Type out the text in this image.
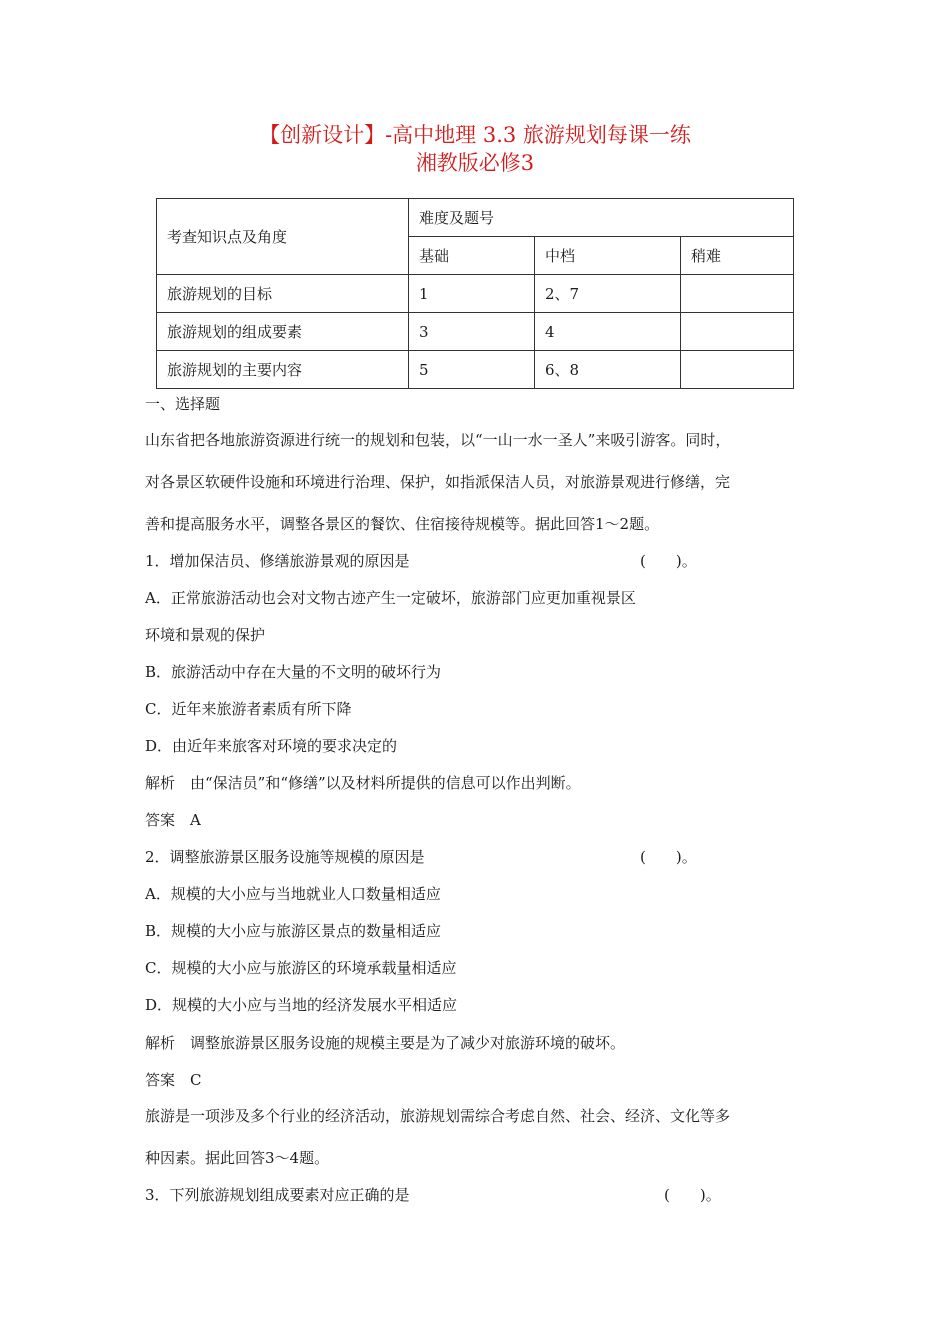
【创新设计】-高中地理 3.3 旅游规划每课一练
湘教版必修3
考查知识点及角度	难度及题号		
	基础	中档	稍难
旅游规划的目标	1	2、7	
旅游规划的组成要素	3	4	
旅游规划的主要内容	5	6、8	
一、选择题
山东省把各地旅游资源进行统一的规划和包装，以“一山一水一圣人”来吸引游客。同时，
对各景区软硬件设施和环境进行治理、保护，如指派保洁人员，对旅游景观进行修缮，完
善和提高服务水平，调整各景区的餐饮、住宿接待规模等。据此回答1～2题。
1．增加保洁员、修缮旅游景观的原因是	(　　)。
A．正常旅游活动也会对文物古迹产生一定破坏，旅游部门应更加重视景区
环境和景观的保护
B．旅游活动中存在大量的不文明的破坏行为
C．近年来旅游者素质有所下降
D．由近年来旅客对环境的要求决定的
解析　由“保洁员”和“修缮”以及材料所提供的信息可以作出判断。
答案　A
2．调整旅游景区服务设施等规模的原因是	(　　)。
A．规模的大小应与当地就业人口数量相适应
B．规模的大小应与旅游区景点的数量相适应
C．规模的大小应与旅游区的环境承载量相适应
D．规模的大小应与当地的经济发展水平相适应
解析　调整旅游景区服务设施的规模主要是为了减少对旅游环境的破坏。
答案　C
旅游是一项涉及多个行业的经济活动，旅游规划需综合考虑自然、社会、经济、文化等多
种因素。据此回答3～4题。
3．下列旅游规划组成要素对应正确的是	(　　)。
